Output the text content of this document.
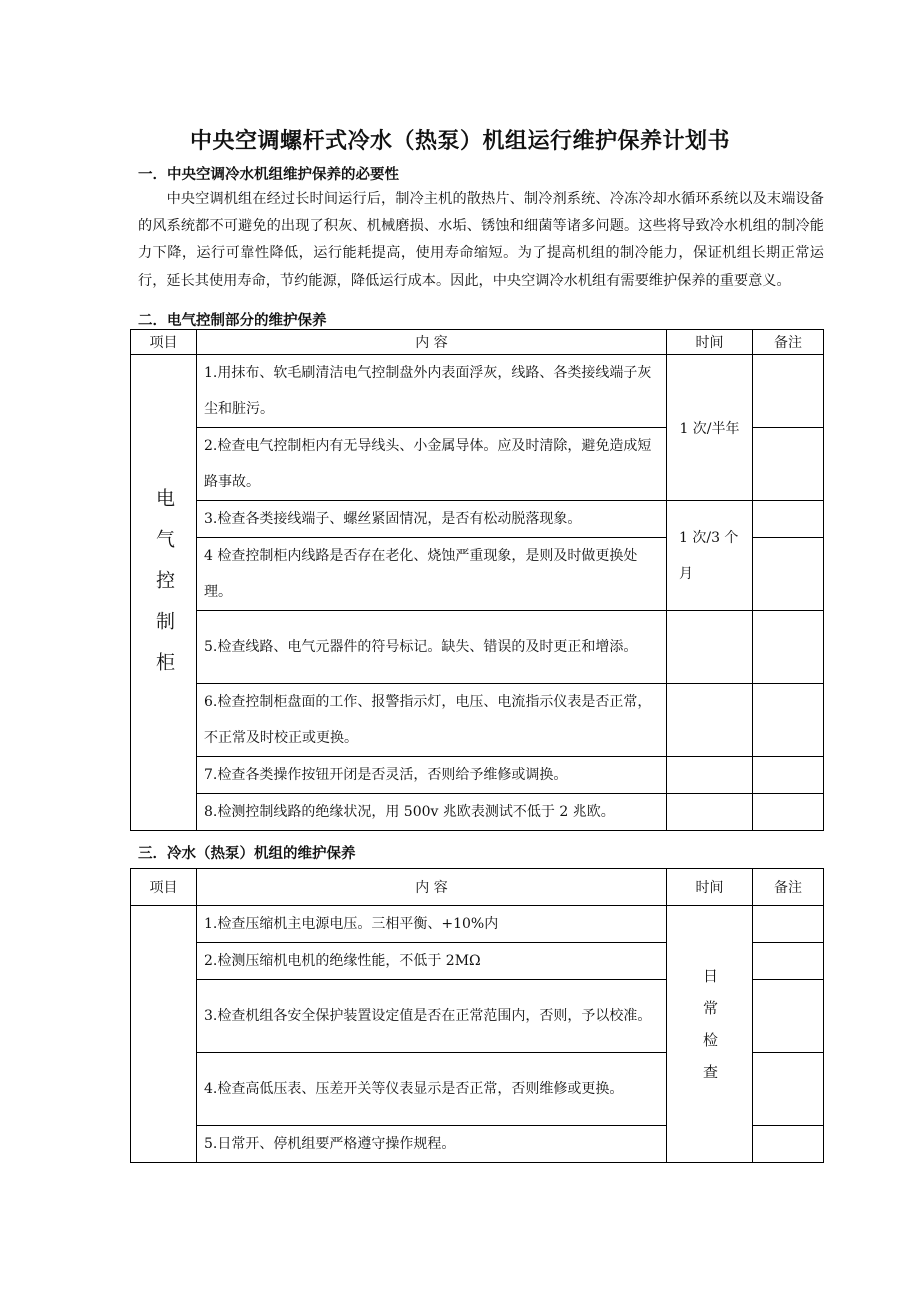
中央空调螺杆式冷水（热泵）机组运行维护保养计划书
一．中央空调冷水机组维护保养的必要性
　　中央空调机组在经过长时间运行后，制冷主机的散热片、制冷剂系统、冷冻冷却水循环系统以及末端设备的风系统都不可避免的出现了积灰、机械磨损、水垢、锈蚀和细菌等诸多问题。这些将导致冷水机组的制冷能力下降，运行可靠性降低，运行能耗提高，使用寿命缩短。为了提高机组的制冷能力，保证机组长期正常运行，延长其使用寿命，节约能源，降低运行成本。因此，中央空调冷水机组有需要维护保养的重要意义。
二．电气控制部分的维护保养
项目	内 容	时间	备注
电气控制柜	1.用抹布、软毛刷清洁电气控制盘外内表面浮灰，线路、各类接线端子灰尘和脏污。	1 次/半年	
	2.检查电气控制柜内有无导线头、小金属导体。应及时清除，避免造成短路事故。		
	3.检查各类接线端子、螺丝紧固情况，是否有松动脱落现象。	1 次/3 个月	
	4 检查控制柜内线路是否存在老化、烧蚀严重现象，是则及时做更换处理。		
	5.检查线路、电气元器件的符号标记。缺失、错误的及时更正和增添。		
	6.检查控制柜盘面的工作、报警指示灯，电压、电流指示仪表是否正常，不正常及时校正或更换。		
	7.检查各类操作按钮开闭是否灵活，否则给予维修或调换。		
	8.检测控制线路的绝缘状况，用 500v 兆欧表测试不低于 2 兆欧。		
三．冷水（热泵）机组的维护保养
项目	内 容	时间	备注
	1.检查压缩机主电源电压。三相平衡、+10%内	日常检查	
	2.检测压缩机电机的绝缘性能，不低于 2MΩ		
	3.检查机组各安全保护装置设定值是否在正常范围内，否则，予以校准。		
	4.检查高低压表、压差开关等仪表显示是否正常，否则维修或更换。		
	5.日常开、停机组要严格遵守操作规程。		
